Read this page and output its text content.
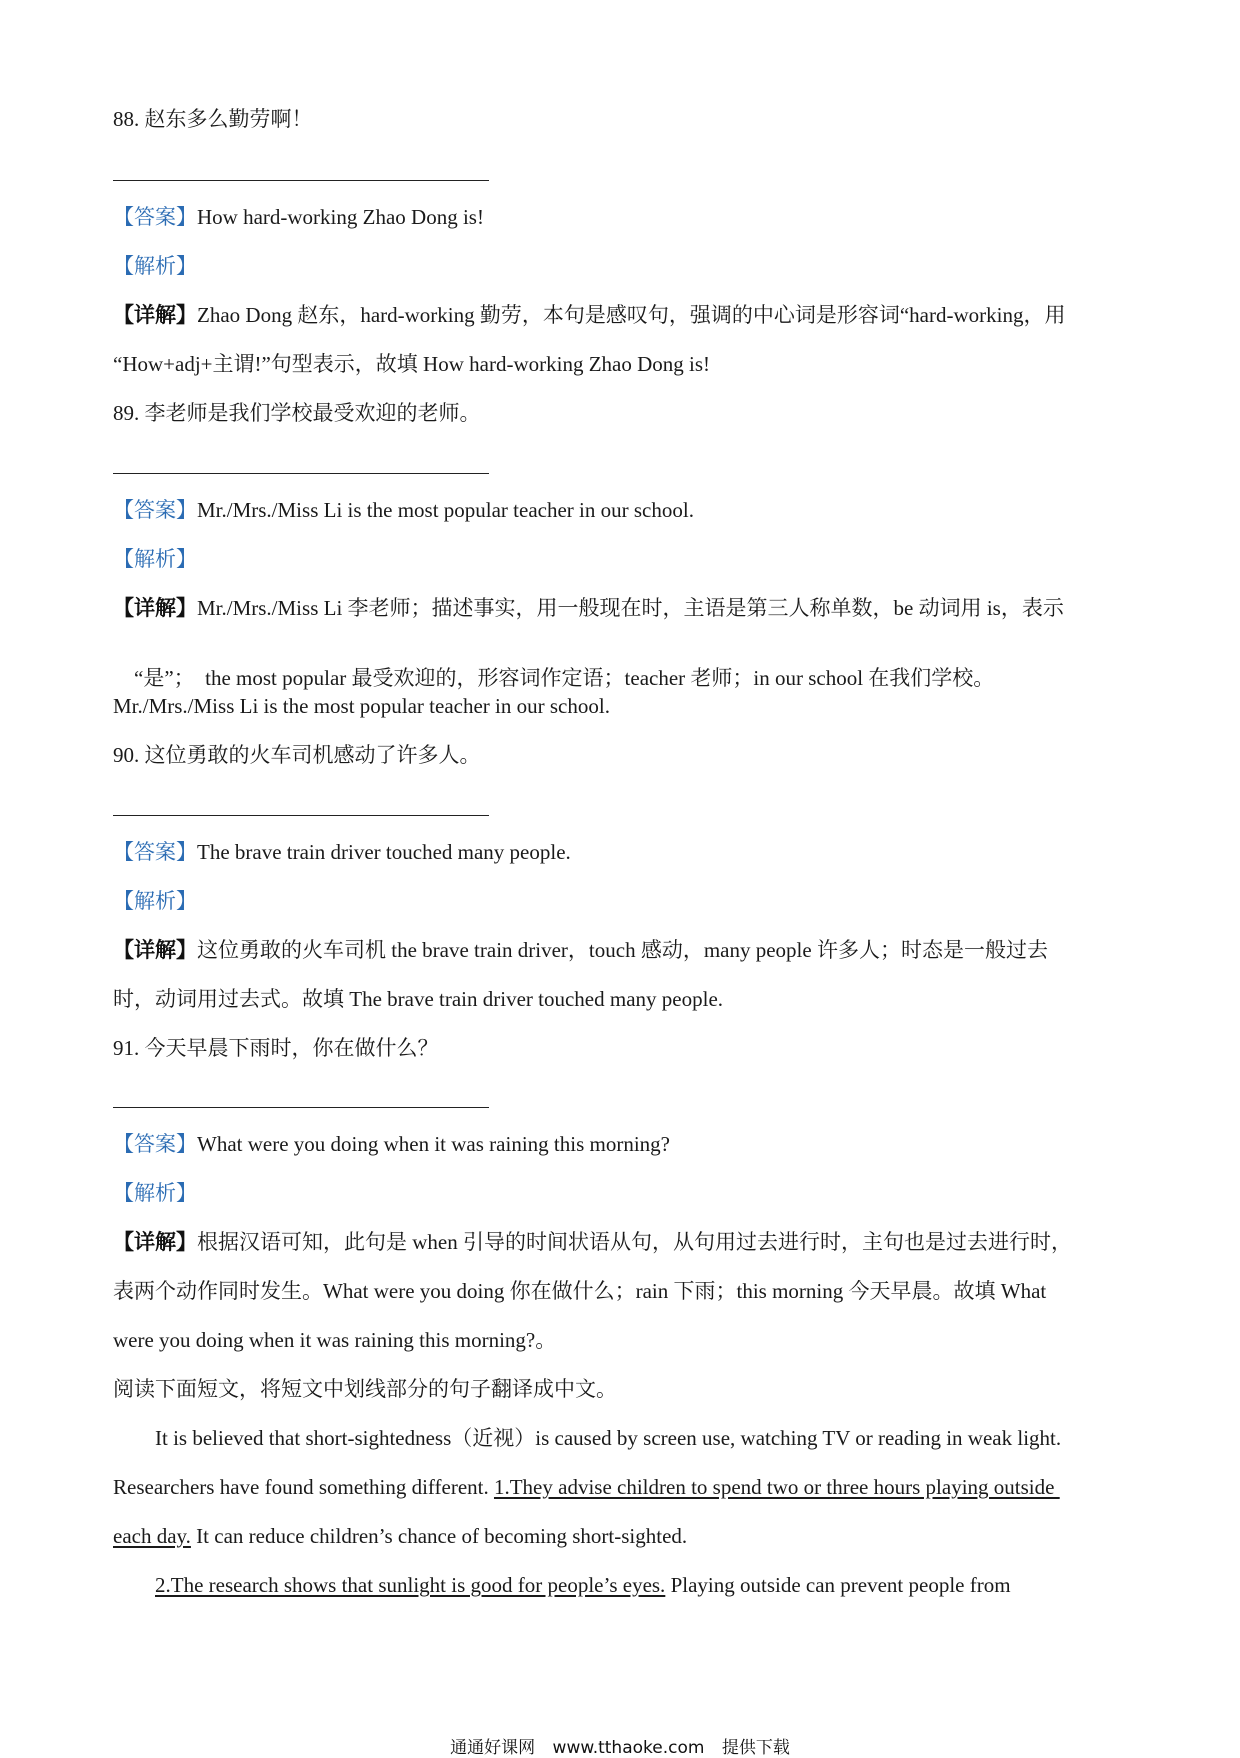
88. 赵东多么勤劳啊！
【答案】How hard-working Zhao Dong is!
【解析】
【详解】Zhao Dong 赵东，hard-working 勤劳，本句是感叹句，强调的中心词是形容词“hard-working，用
“How+adj+主谓!”句型表示，故填 How hard-working Zhao Dong is!
89. 李老师是我们学校最受欢迎的老师。
【答案】Mr./Mrs./Miss Li is the most popular teacher in our school.
【解析】
【详解】Mr./Mrs./Miss Li 李老师；描述事实，用一般现在时，主语是第三人称单数，be 动词用 is，表示

“是”；  the most popular 最受欢迎的，形容词作定语；teacher 老师；in our school 在我们学校。

Mr./Mrs./Miss Li is the most popular teacher in our school.
90. 这位勇敢的火车司机感动了许多人。
【答案】The brave train driver touched many people.
【解析】
【详解】这位勇敢的火车司机 the brave train driver，touch 感动，many people 许多人；时态是一般过去
时，动词用过去式。故填 The brave train driver touched many people.
91. 今天早晨下雨时，你在做什么？
【答案】What were you doing when it was raining this morning?
【解析】
【详解】根据汉语可知，此句是 when 引导的时间状语从句，从句用过去进行时，主句也是过去进行时，
表两个动作同时发生。What were you doing 你在做什么；rain 下雨；this morning 今天早晨。故填 What
were you doing when it was raining this morning?。
阅读下面短文，将短文中划线部分的句子翻译成中文。
It is believed that short-sightedness（近视）is caused by screen use, watching TV or reading in weak light.
Researchers have found something different. 1.They advise children to spend two or three hours playing outside
each day. It can reduce children’s chance of becoming short-sighted.
2.The research shows that sunlight is good for people’s eyes. Playing outside can prevent people from
通通好课网 www.tthaoke.com 提供下载
